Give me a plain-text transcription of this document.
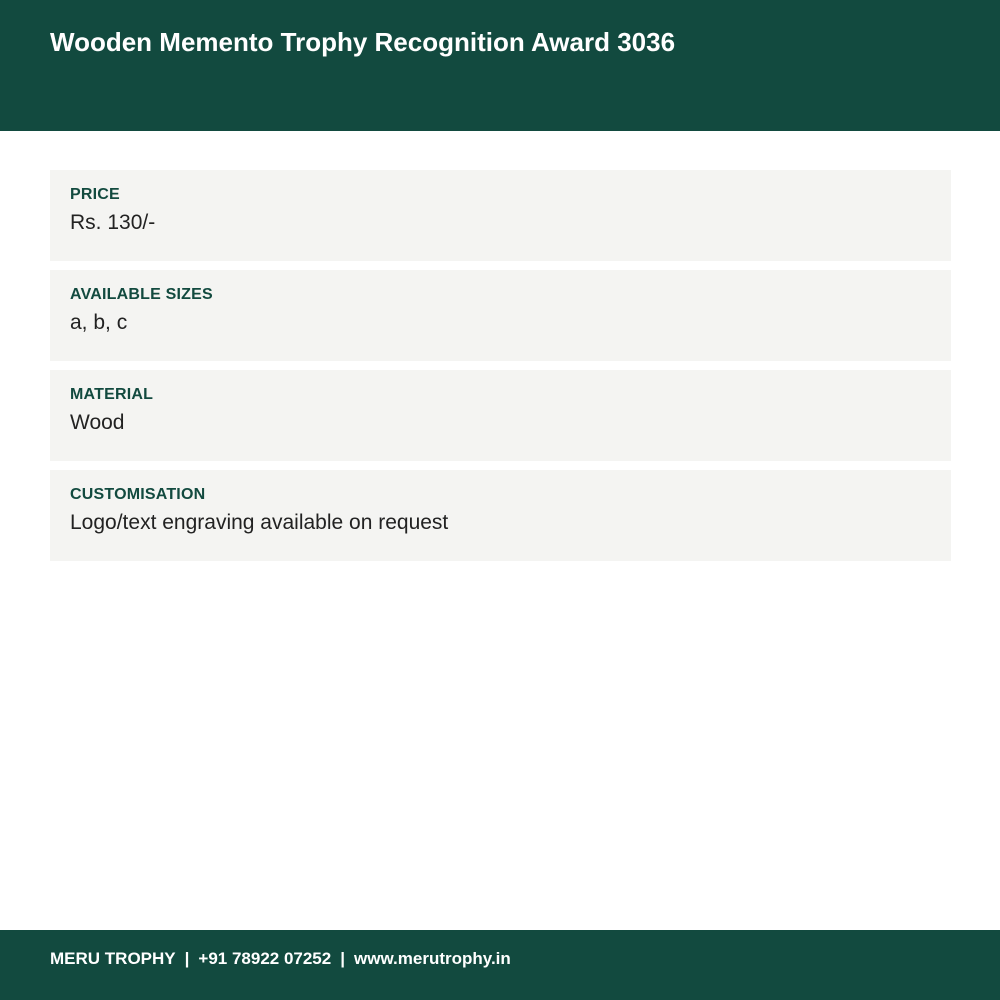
Wooden Memento Trophy Recognition Award 3036
PRICE
Rs. 130/-
AVAILABLE SIZES
a, b, c
MATERIAL
Wood
CUSTOMISATION
Logo/text engraving available on request
MERU TROPHY | +91 78922 07252 | www.merutrophy.in
